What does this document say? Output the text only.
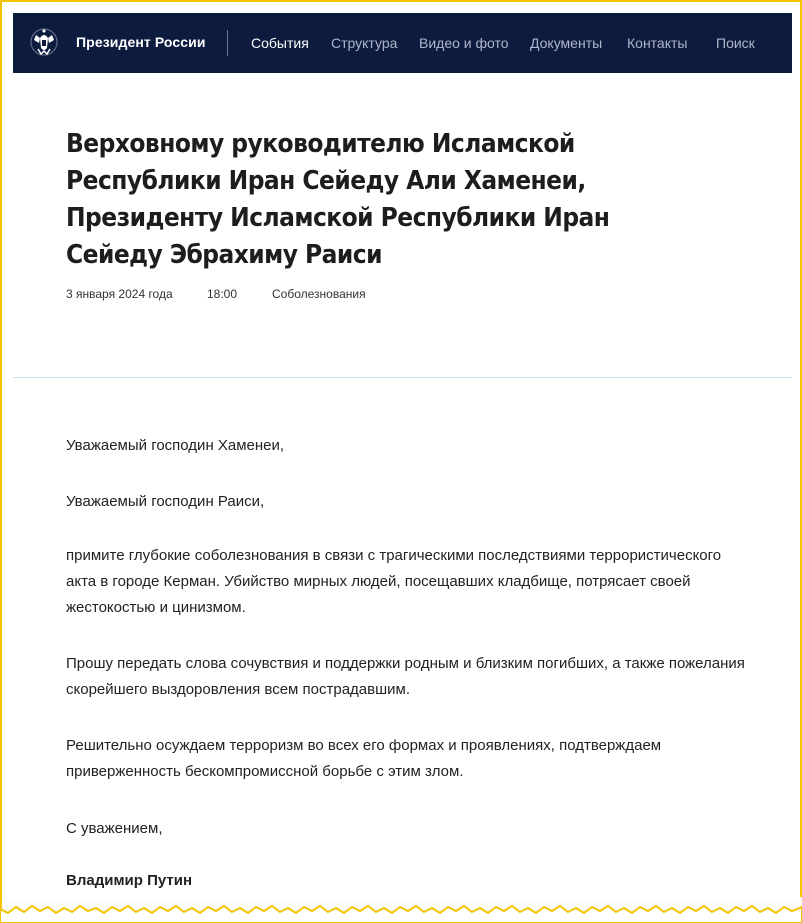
Президент России	События Структура Видео и фото Документы Контакты Поиск
Верховному руководителю Исламской Республики Иран Сейеду Али Хаменеи, Президенту Исламской Республики Иран Сейеду Эбрахиму Раиси
3 января 2024 года	18:00	Соболезнования
Уважаемый господин Хаменеи,
Уважаемый господин Раиси,
примите глубокие соболезнования в связи с трагическими последствиями террористического акта в городе Керман. Убийство мирных людей, посещавших кладбище, потрясает своей жестокостью и цинизмом.
Прошу передать слова сочувствия и поддержки родным и близким погибших, а также пожелания скорейшего выздоровления всем пострадавшим.
Решительно осуждаем терроризм во всех его формах и проявлениях, подтверждаем приверженность бескомпромиссной борьбе с этим злом.
С уважением,
Владимир Путин
